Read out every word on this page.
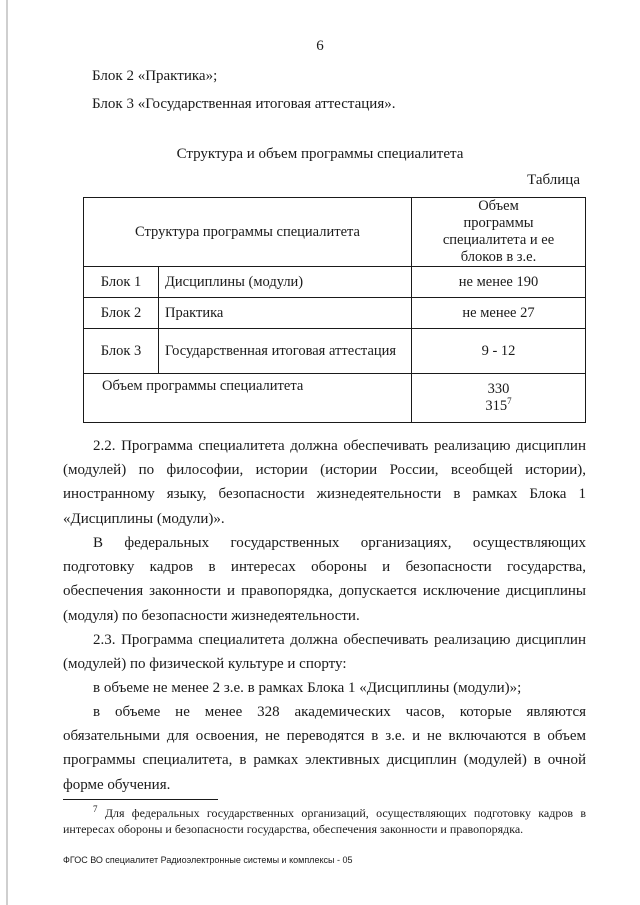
6
Блок 2 «Практика»;
Блок 3 «Государственная итоговая аттестация».
Структура и объем программы специалитета
Таблица
Структура программы специалитета		Объем программы специалитета и ее блоков в з.е.
Блок 1	Дисциплины (модули)	не менее 190
Блок 2	Практика	не менее 27
Блок 3	Государственная итоговая аттестация	9 - 12
Объем программы специалитета		330
$315^7$

2.2. Программа специалитета должна обеспечивать реализацию дисциплин (модулей) по философии, истории (истории России, всеобщей истории), иностранному языку, безопасности жизнедеятельности в рамках Блока 1 «Дисциплины (модули)».

В федеральных государственных организациях, осуществляющих подготовку кадров в интересах обороны и безопасности государства, обеспечения законности и правопорядка, допускается исключение дисциплины (модуля) по безопасности жизнедеятельности.

2.3. Программа специалитета должна обеспечивать реализацию дисциплин (модулей) по физической культуре и спорту:

в объеме не менее 2 з.е. в рамках Блока 1 «Дисциплины (модули)»;

в объеме не менее 328 академических часов, которые являются обязательными для освоения, не переводятся в з.е. и не включаются в объем программы специалитета, в рамках элективных дисциплин (модулей) в очной форме обучения.

$^7$ Для федеральных государственных организаций, осуществляющих подготовку кадров в интересах обороны и безопасности государства, обеспечения законности и правопорядка.
ФГОС ВО специалитет Радиоэлектронные системы и комплексы - 05
